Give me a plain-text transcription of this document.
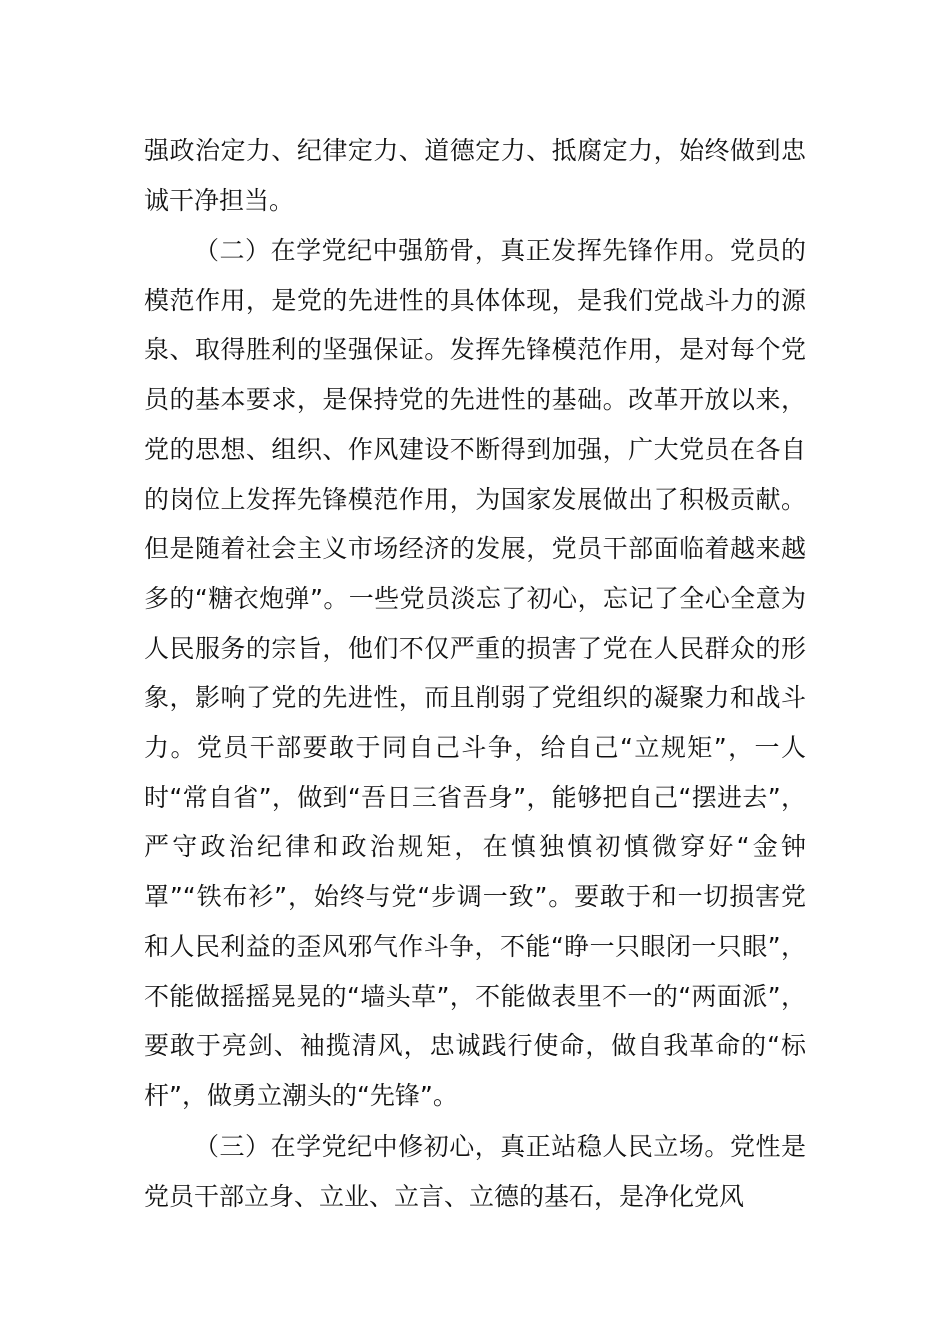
强政治定力、纪律定力、道德定力、抵腐定力，始终做到忠诚干净担当。

（二）在学党纪中强筋骨，真正发挥先锋作用。党员的模范作用，是党的先进性的具体体现，是我们党战斗力的源泉、取得胜利的坚强保证。发挥先锋模范作用，是对每个党员的基本要求，是保持党的先进性的基础。改革开放以来，党的思想、组织、作风建设不断得到加强，广大党员在各自的岗位上发挥先锋模范作用，为国家发展做出了积极贡献。但是随着社会主义市场经济的发展，党员干部面临着越来越多的“糖衣炮弹”。一些党员淡忘了初心，忘记了全心全意为人民服务的宗旨，他们不仅严重的损害了党在人民群众的形象，影响了党的先进性，而且削弱了党组织的凝聚力和战斗力。党员干部要敢于同自己斗争，给自己“立规矩”，一人时“常自省”，做到“吾日三省吾身”，能够把自己“摆进去”，严守政治纪律和政治规矩，在慎独慎初慎微穿好“金钟罩”“铁布衫”，始终与党“步调一致”。要敢于和一切损害党和人民利益的歪风邪气作斗争，不能“睁一只眼闭一只眼”，不能做摇摇晃晃的“墙头草”，不能做表里不一的“两面派”，要敢于亮剑、袖揽清风，忠诚践行使命，做自我革命的“标杆”，做勇立潮头的“先锋”。

（三）在学党纪中修初心，真正站稳人民立场。党性是党员干部立身、立业、立言、立德的基石，是净化党风
